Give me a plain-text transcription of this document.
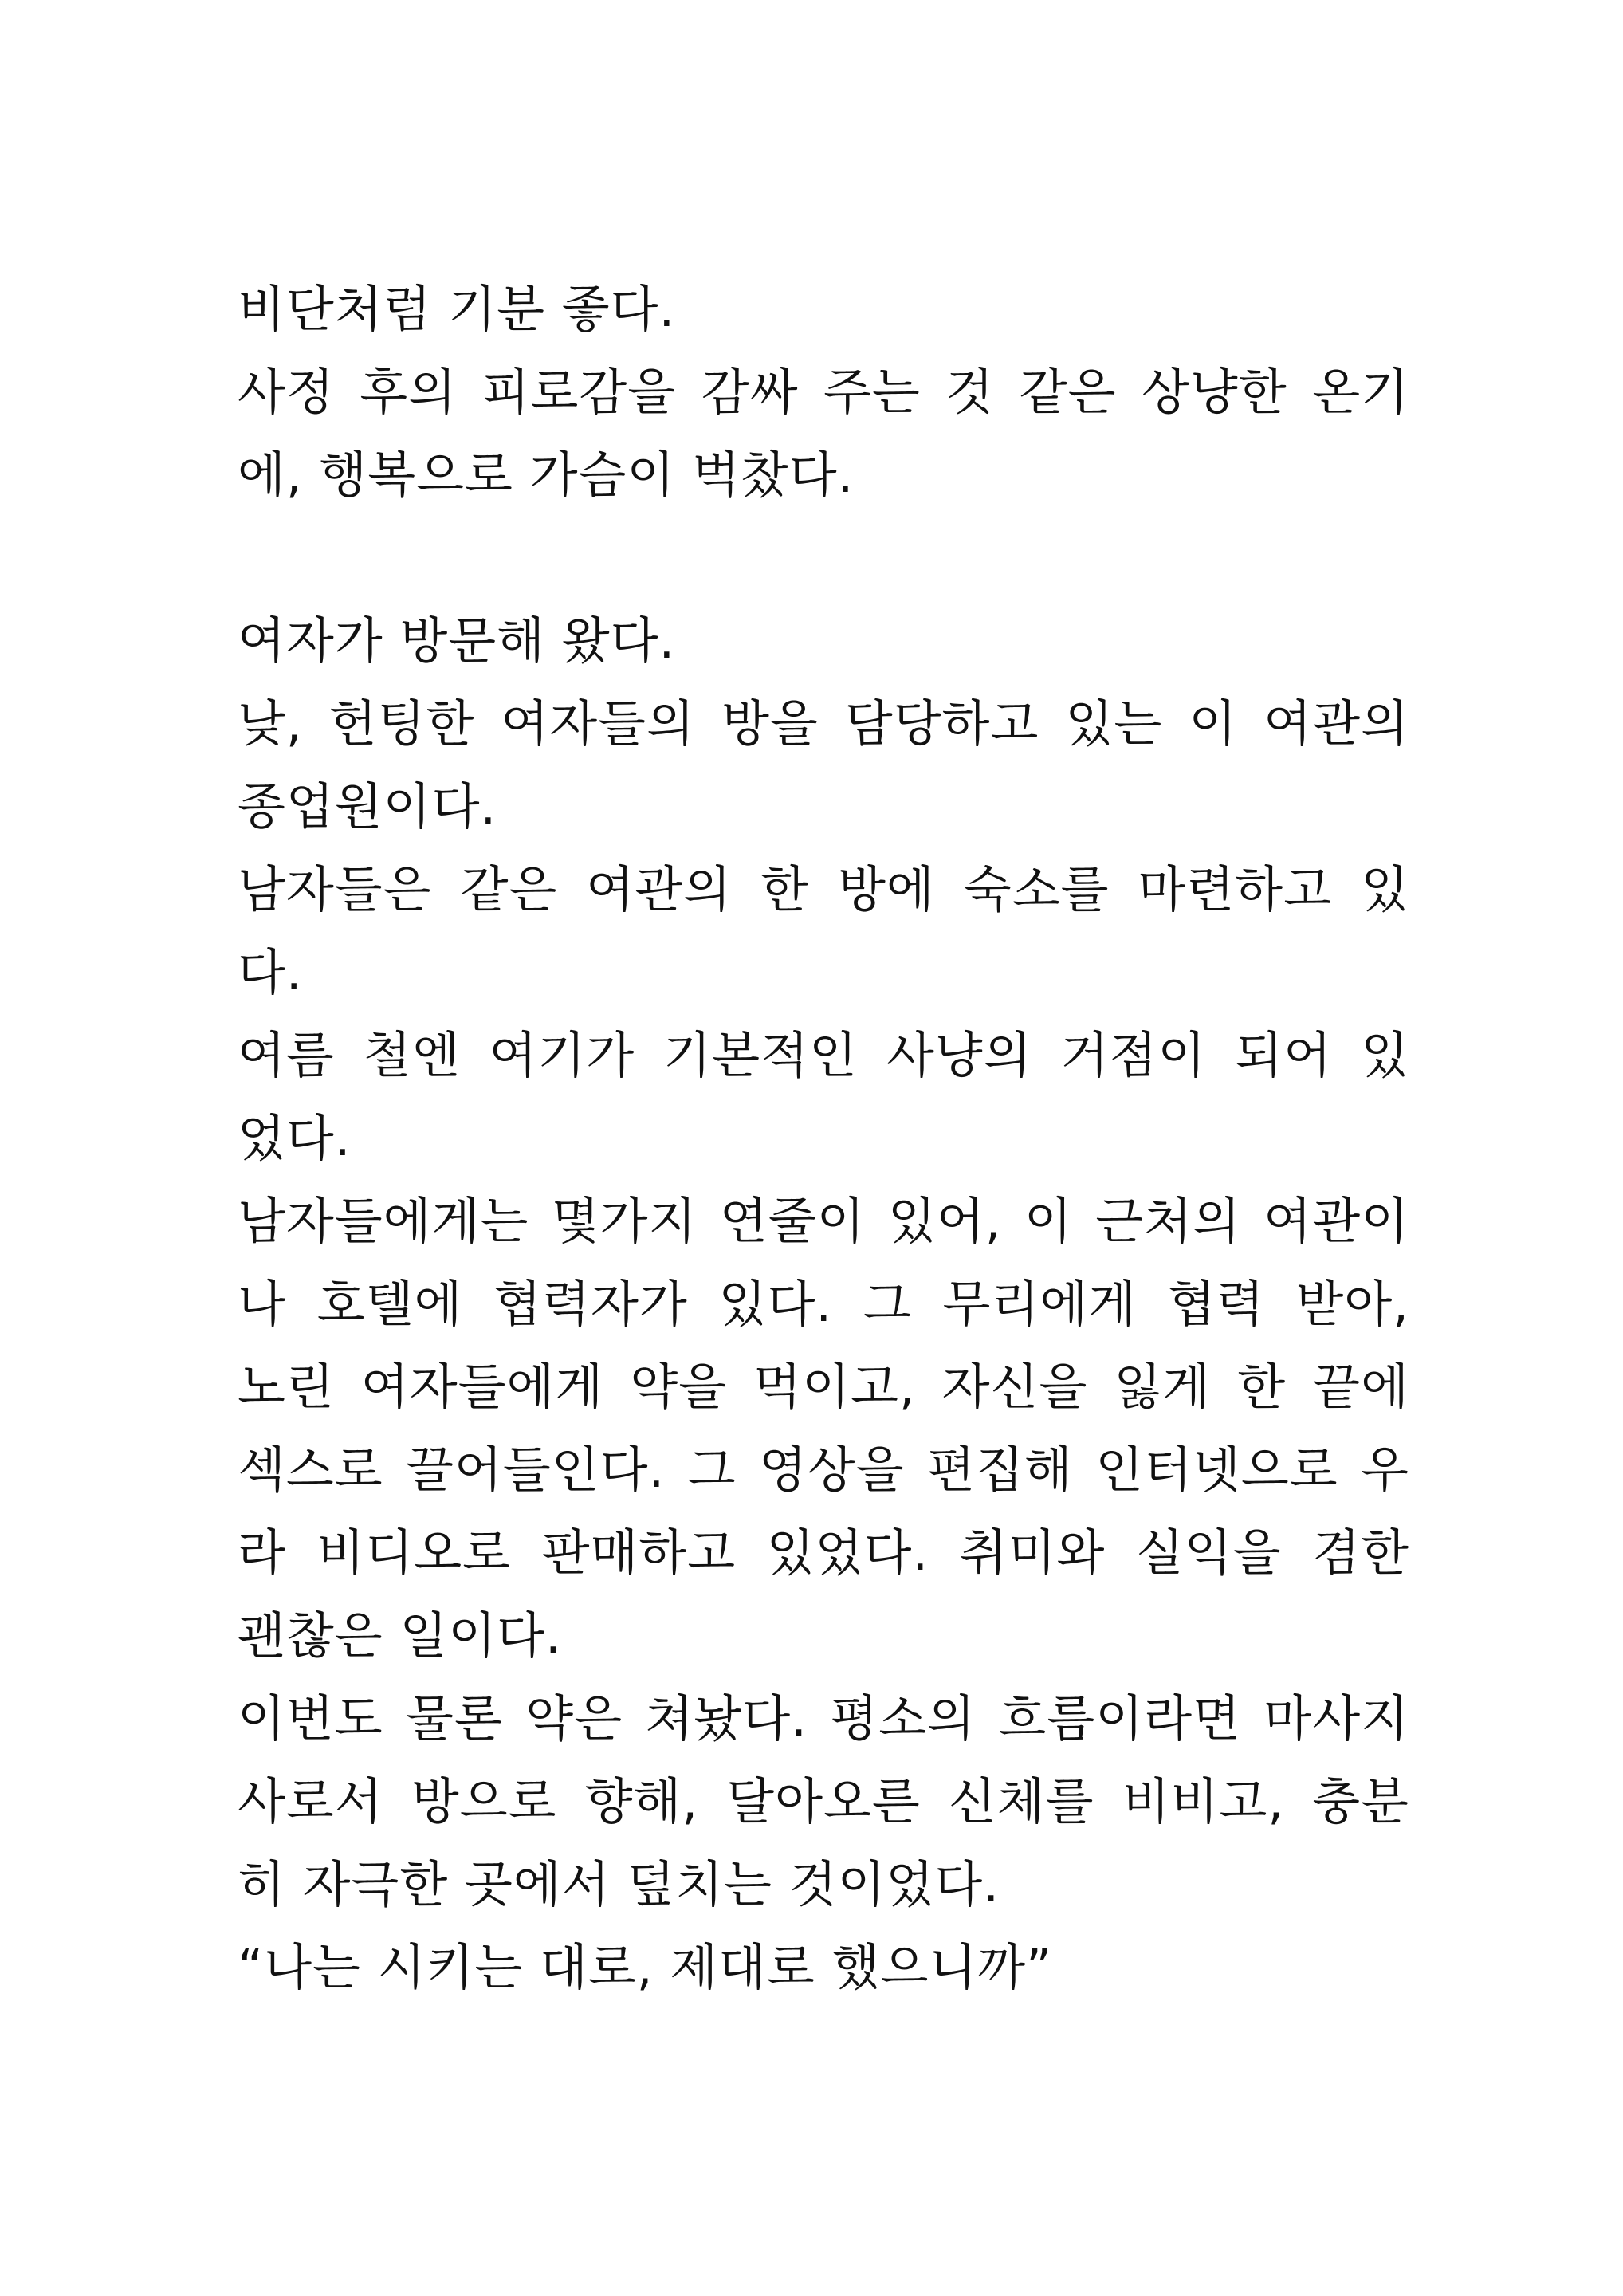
비단처럼 기분 좋다.
사정 후의 피로감을 감싸 주는 것 같은 상냥한 온기
에, 행복으로 가슴이 벅찼다.
여자가 방문해 왔다.
낮, 헌팅한 여자들의 방을 담당하고 있는 이 여관의
종업원이다.
남자들은 같은 여관의 한 방에 숙소를 마련하고 있
다.
여름 철엔 여기가 기본적인 사냥의 거점이 되어 있
었다.
남자들에게는 몇가지 연줄이 있어, 이 근처의 여관이
나 호텔에 협력자가 있다. 그 무리에게 협력 받아,
노린 여자들에게 약을 먹이고, 자신을 잃게 한 끝에
섹스로 끌어들인다. 그 영상을 편집해 인터넷으로 우
라 비디오로 판매하고 있었다. 취미와 실익을 겸한
괜찮은 일이다.
이번도 물론 약은 쳐놨다. 평소의 흐름이라면 마사지
사로서 방으로 향해, 달아오른 신체를 비비고, 충분
히 자극한 곳에서 덮치는 것이었다.
“나는 시키는 대로, 제대로 했으니까”
